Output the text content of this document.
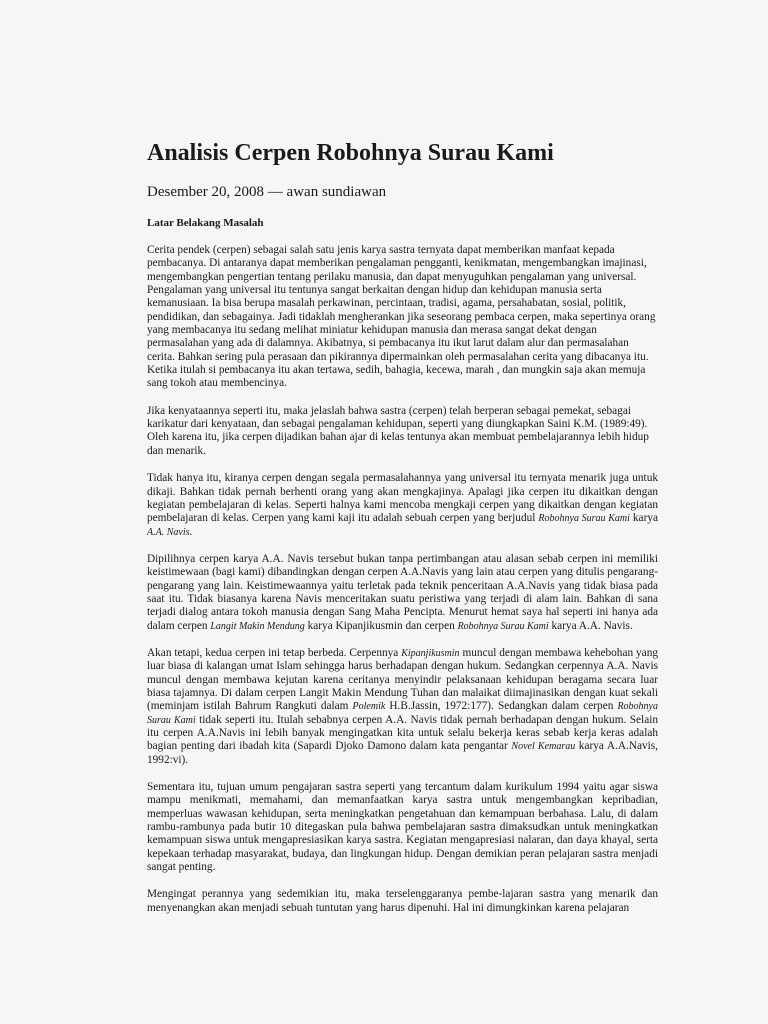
Analisis Cerpen Robohnya Surau Kami
Desember 20, 2008 — awan sundiawan
Latar Belakang Masalah

Cerita pendek (cerpen) sebagai salah satu jenis karya sastra ternyata dapat memberikan manfaat kepada pembacanya. Di antaranya dapat memberikan pengalaman pengganti, kenikmatan, mengembangkan imajinasi, mengembangkan pengertian tentang perilaku manusia, dan dapat menyuguhkan pengalaman yang universal. Pengalaman yang universal itu tentunya sangat berkaitan dengan hidup dan kehidupan manusia serta kemanusiaan. Ia bisa berupa masalah perkawinan, percintaan, tradisi, agama, persahabatan, sosial, politik, pendidikan, dan sebagainya. Jadi tidaklah mengherankan jika seseorang pembaca cerpen, maka sepertinya orang yang membacanya itu sedang melihat miniatur kehidupan manusia dan merasa sangat dekat dengan permasalahan yang ada di dalamnya. Akibatnya, si pembacanya itu ikut larut dalam alur dan permasalahan cerita. Bahkan sering pula perasaan dan pikirannya dipermainkan oleh permasalahan cerita yang dibacanya itu. Ketika itulah si pembacanya itu akan tertawa, sedih, bahagia, kecewa, marah , dan mungkin saja akan memuja sang tokoh atau membencinya.

Jika kenyataannya seperti itu, maka jelaslah bahwa sastra (cerpen) telah berperan sebagai pemekat, sebagai karikatur dari kenyataan, dan sebagai pengalaman kehidupan, seperti yang diungkapkan Saini K.M. (1989:49). Oleh karena itu, jika cerpen dijadikan bahan ajar di kelas tentunya akan membuat pembelajarannya lebih hidup dan menarik.

Tidak hanya itu, kiranya cerpen dengan segala permasalahannya yang universal itu ternyata menarik juga untuk dikaji. Bahkan tidak pernah berhenti orang yang akan mengkajinya. Apalagi jika cerpen itu dikaitkan dengan kegiatan pembelajaran di kelas. Seperti halnya kami mencoba mengkaji cerpen yang dikaitkan dengan kegiatan pembelajaran di kelas. Cerpen yang kami kaji itu adalah sebuah cerpen yang berjudul Robohnya Surau Kami karya A.A. Navis.

Dipilihnya cerpen karya A.A. Navis tersebut bukan tanpa pertimbangan atau alasan sebab cerpen ini memiliki keistimewaan (bagi kami) dibandingkan dengan cerpen A.A.Navis yang lain atau cerpen yang ditulis pengarang-pengarang yang lain. Keistimewaannya yaitu terletak pada teknik penceritaan A.A.Navis yang tidak biasa pada saat itu. Tidak biasanya karena Navis menceritakan suatu peristiwa yang terjadi di alam lain. Bahkan di sana terjadi dialog antara tokoh manusia dengan Sang Maha Pencipta. Menurut hemat saya hal seperti ini hanya ada dalam cerpen Langit Makin Mendung karya Kipanjikusmin dan cerpen Robohnya Surau Kami karya A.A. Navis.

Akan tetapi, kedua cerpen ini tetap berbeda. Cerpennya Kipanjikusmin muncul dengan membawa kehebohan yang luar biasa di kalangan umat Islam sehingga harus berhadapan dengan hukum. Sedangkan cerpennya A.A. Navis muncul dengan membawa kejutan karena ceritanya menyindir pelaksanaan kehidupan beragama secara luar biasa tajamnya. Di dalam cerpen Langit Makin Mendung Tuhan dan malaikat diimajinasikan dengan kuat sekali (meminjam istilah Bahrum Rangkuti dalam Polemik H.B.Jassin, 1972:177). Sedangkan dalam cerpen Robohnya Surau Kami tidak seperti itu. Itulah sebabnya cerpen A.A. Navis tidak pernah berhadapan dengan hukum. Selain itu cerpen A.A.Navis ini lebih banyak mengingatkan kita untuk selalu bekerja keras sebab kerja keras adalah bagian penting dari ibadah kita (Sapardi Djoko Damono dalam kata pengantar Novel Kemarau karya A.A.Navis, 1992:vi).

Sementara itu, tujuan umum pengajaran sastra seperti yang tercantum dalam kurikulum 1994 yaitu agar siswa mampu menikmati, memahami, dan memanfaatkan karya sastra untuk mengembangkan kepribadian, memperluas wawasan kehidupan, serta meningkatkan pengetahuan dan kemampuan berbahasa. Lalu, di dalam rambu-rambunya pada butir 10 ditegaskan pula bahwa pembelajaran sastra dimaksudkan untuk meningkatkan kemampuan siswa untuk mengapresiasikan karya sastra. Kegiatan mengapresiasi nalaran, dan daya khayal, serta kepekaan terhadap masyarakat, budaya, dan lingkungan hidup. Dengan demikian peran pelajaran sastra menjadi sangat penting.

Mengingat perannya yang sedemikian itu, maka terselenggaranya pembe-lajaran sastra yang menarik dan menyenangkan akan menjadi sebuah tuntutan yang harus dipenuhi. Hal ini dimungkinkan karena pelajaran
